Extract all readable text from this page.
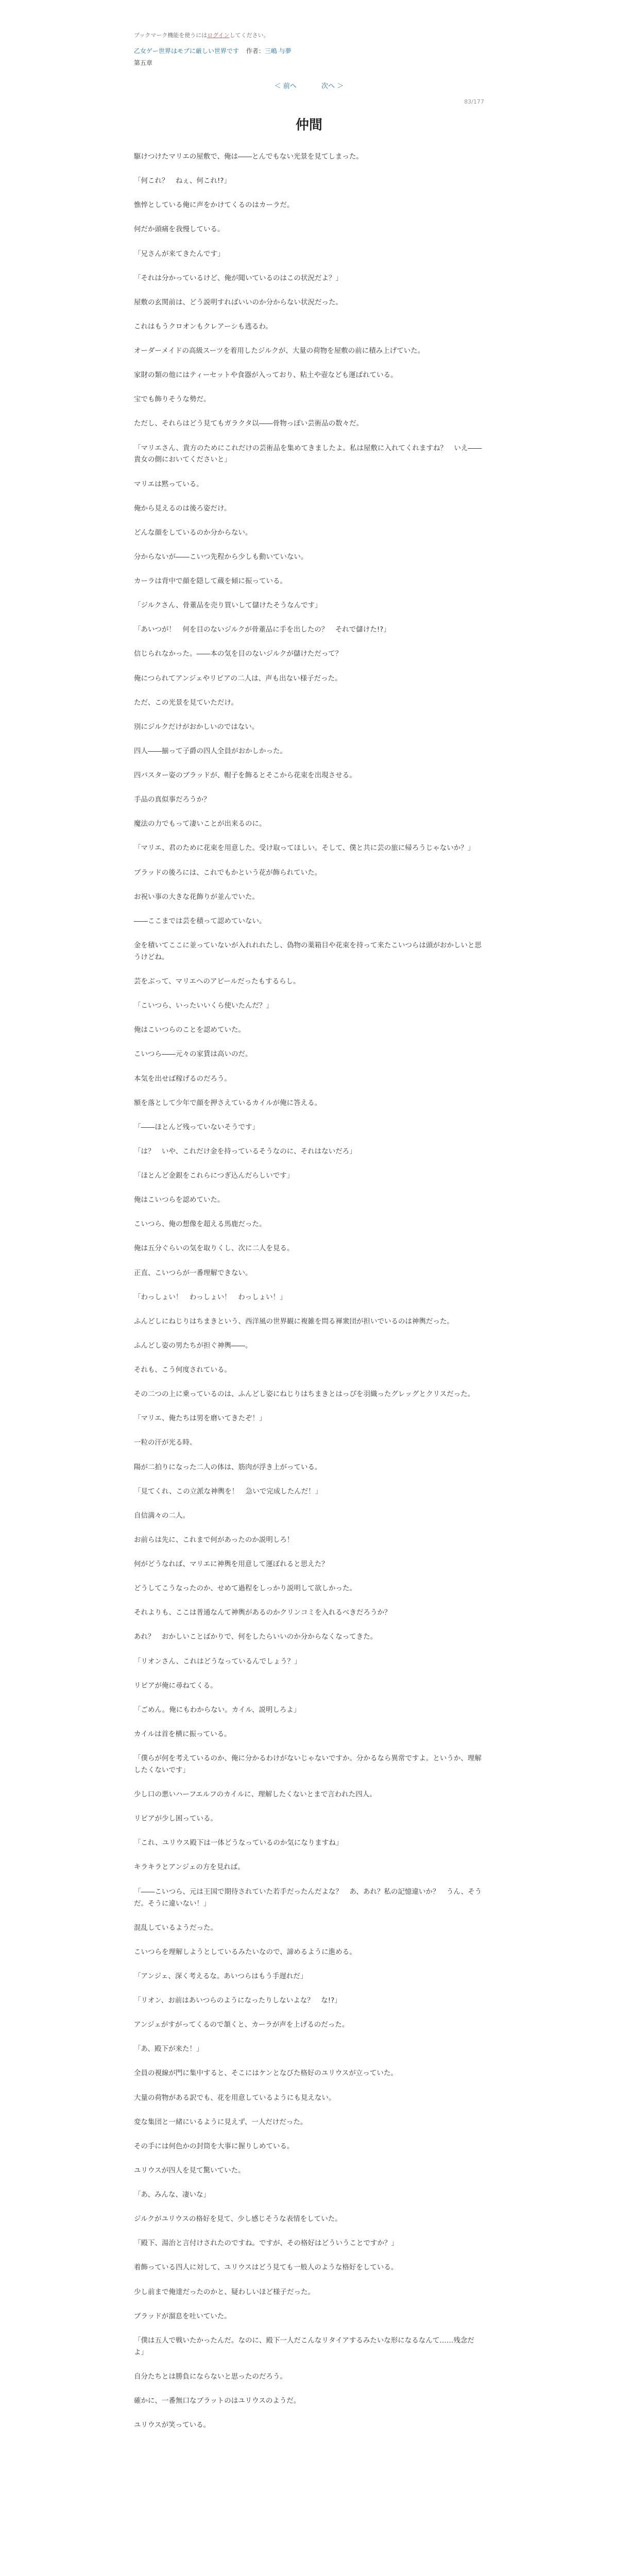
ブックマーク機能を使うにはログインしてください。

乙女ゲー世界はモブに厳しい世界です 作者：三嶋 与夢

第五章

＜ 前へ	次へ ＞
83/177
仲間

駆けつけたマリエの屋敷で、俺は――とんでもない光景を見てしまった。

「何これ？　ねぇ、何これ!?」

憔悴としている俺に声をかけてくるのはカーラだ。

何だか頭痛を我慢している。

「兄さんが来てきたんです」

「それは分かっているけど、俺が聞いているのはこの状況だよ？」

屋敷の玄関前は、どう説明すればいいのか分からない状況だった。

これはもうクロオンもクレアーシも逃るわ。

オーダーメイドの高級スーツを着用したジルクが、大量の荷物を屋敷の前に積み上げていた。

家財の類の他にはティーセットや食器が入っており、粘土や壺なども運ばれている。

宝でも飾りそうな勢だ。

ただし、それらはどう見てもガラクタ以――骨物っぽい芸術品の数々だ。

「マリエさん、貴方のためにこれだけの芸術品を集めてきましたよ。私は屋敷に入れてくれますね？　いえ――貴女の側においてくださいと」

マリエは黙っている。

俺から見えるのは後ろ姿だけ。

どんな顔をしているのか分からない。

分からないが――こいつ先程から少しも動いていない。

カーラは背中で顔を隠して蔵を傾に振っている。

「ジルクさん、骨董品を売り買いして儲けたそうなんです」

「あいつが！　何を目のないジルクが骨董品に手を出したの？　それで儲けた!?」

信じられなかった。――本の気を目のないジルクが儲けただって？

俺につられてアンジェやリビアの二人は、声も出ない様子だった。

ただ、この光景を見ていただけ。

別にジルクだけがおかしいのではない。

四人――揃って子爵の四人全員がおかしかった。

四バスター姿のブラッドが、帽子を飾るとそこから花束を出現させる。

手品の真似事だろうか？

魔法の力でもって凄いことが出来るのに。

「マリエ、君のために花束を用意した。受け取ってほしい。そして、僕と共に芸の旅に帰ろうじゃないか？」

ブラッドの後ろには、これでもかという花が飾られていた。

お祝い事の大きな花飾りが並んでいた。

――ここまでは芸を積って認めていない。

金を積いてここに並っていないが入れれれたし、偽物の薬箱目や花束を持って来たこいつらは頭がおかしいと思うけどね。

芸をぶって、マリエへのアピールだったもするらし。

「こいつら、いったいいくら使いたんだ？」

俺はこいつらのことを認めていた。

こいつら――元々の家賃は高いのだ。

本気を出せば稼げるのだろう。

額を落として少年で顔を押さえているカイルが俺に答える。

「――ほとんど残っていないそうです」

「は？　いや、これだけ金を持っているそうなのに、それはないだろ」

「ほとんど金銀をこれらにつぎ込んだらしいです」

俺はこいつらを認めていた。

こいつら、俺の想像を超える馬鹿だった。

俺は五分ぐらいの気を取りくし、次に二人を見る。

正直、こいつらが一番理解できない。

「わっしょい！　わっしょい！　わっしょい！」

ふんどしにねじりはちまきという、西洋風の世界観に複雑を問る褌衆団が担いでいるのは神輿だった。

ふんどし姿の男たちが担ぐ神輿――。

それも、こう何度されている。

その二つの上に乗っているのは、ふんどし姿にねじりはちまきとはっぴを羽織ったグレッグとクリスだった。

「マリエ、俺たちは男を磨いてきたぞ！」

一粒の汗が光る時。

陽が二拍りになった二人の体は、筋肉が浮き上がっている。

「見てくれ、この立派な神輿を！　急いで完成したんだ！」

自信満々の二人。

お前らは先に、これまで何があったのか説明しろ！

何がどうなれば、マリエに神輿を用意して運ぼれると思えた？

どうしてこうなったのか、せめて過程をしっかり説明して欲しかった。

それよりも、ここは普通なんて神輿があるのかクリンコミを入れるべきだろうか？

あれ？　おかしいことばかりで、何をしたらいいのか分からなくなってきた。

「リオンさん、これはどうなっているんでしょう？」

リビアが俺に尋ねてくる。

「ごめん。俺にもわからない。カイル、説明しろよ」

カイルは首を横に振っている。

「僕らが何を考えているのか、俺に分かるわけがないじゃないですか。分かるなら異常ですよ。というか、理解したくないです」

少し口の悪いハーフエルフのカイルに、理解したくないとまで言われた四人。

リビアが少し困っている。

「これ、ユリウス殿下は一体どうなっているのか気になりますね」

キラキラとアンジェの方を見れば。

「――こいつら、元は王国で期待されていた若手だったんだよな？　あ、あれ？私の記憶違いか？　うん、そうだ。そうに違いない！」

混乱しているようだった。

こいつらを理解しようとしているみたいなので、諦めるように進める。

「アンジェ、深く考えるな。あいつらはもう手遅れだ」

「リオン、お前はあいつらのようになったりしないよな？　な!?」

アンジェがすがってくるので頷くと、カーラが声を上げるのだった。

「あ、殿下が来た！」

全員の視線が門に集中すると、そこにはケンとなびた格好のユリウスが立っていた。

大量の荷物がある訳でも、花を用意しているようにも見えない。

変な集団と一緒にいるように見えず、一人だけだった。

その手には何色かの封筒を大事に握りしめている。

ユリウスが四人を見て驚いていた。

「あ、みんな、凄いな」

ジルクがユリウスの格好を見て、少し感じそうな表情をしていた。

「殿下、湯治と言付けされたのですね。ですが、その格好はどういうことですか？」

着飾っている四人に対して、ユリウスはどう見ても一般人のような格好をしている。

少し前まで俺達だったのかと、疑わしいほど様子だった。

ブラッドが溜息を吐いていた。

「僕は五人で戦いたかったんだ。なのに、殿下一人だこんなリタイアするみたいな形になるなんて……残念だよ」

自分たちとは勝負にならないと思ったのだろう。

確かに、一番無口なブラットのはユリウスのようだ。

ユリウスが笑っている。
